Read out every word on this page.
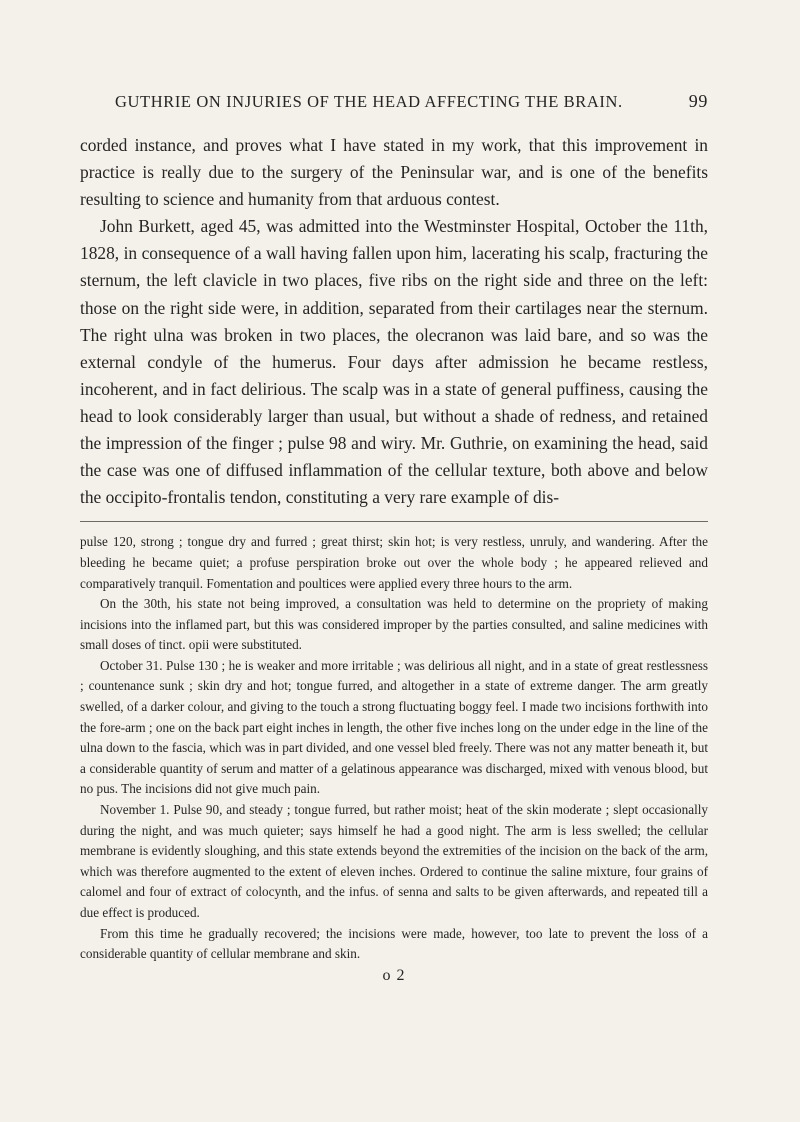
GUTHRIE ON INJURIES OF THE HEAD AFFECTING THE BRAIN.	99

corded instance, and proves what I have stated in my work, that this improvement in practice is really due to the surgery of the Peninsular war, and is one of the benefits resulting to science and humanity from that arduous contest.

John Burkett, aged 45, was admitted into the Westminster Hospital, October the 11th, 1828, in consequence of a wall having fallen upon him, lacerating his scalp, fracturing the sternum, the left clavicle in two places, five ribs on the right side and three on the left: those on the right side were, in addition, separated from their cartilages near the sternum. The right ulna was broken in two places, the olecranon was laid bare, and so was the external condyle of the humerus. Four days after admission he became restless, incoherent, and in fact delirious. The scalp was in a state of general puffiness, causing the head to look considerably larger than usual, but without a shade of redness, and retained the impression of the finger ; pulse 98 and wiry. Mr. Guthrie, on examining the head, said the case was one of diffused inflammation of the cellular texture, both above and below the occipito-frontalis tendon, constituting a very rare example of dis-

pulse 120, strong ; tongue dry and furred ; great thirst; skin hot; is very restless, unruly, and wandering. After the bleeding he became quiet; a profuse perspiration broke out over the whole body ; he appeared relieved and comparatively tranquil. Fomentation and poultices were applied every three hours to the arm.

On the 30th, his state not being improved, a consultation was held to determine on the propriety of making incisions into the inflamed part, but this was considered improper by the parties consulted, and saline medicines with small doses of tinct. opii were substituted.

October 31. Pulse 130 ; he is weaker and more irritable ; was delirious all night, and in a state of great restlessness ; countenance sunk ; skin dry and hot; tongue furred, and altogether in a state of extreme danger. The arm greatly swelled, of a darker colour, and giving to the touch a strong fluctuating boggy feel. I made two incisions forthwith into the fore-arm ; one on the back part eight inches in length, the other five inches long on the under edge in the line of the ulna down to the fascia, which was in part divided, and one vessel bled freely. There was not any matter beneath it, but a considerable quantity of serum and matter of a gelatinous appearance was discharged, mixed with venous blood, but no pus. The incisions did not give much pain.

November 1. Pulse 90, and steady ; tongue furred, but rather moist; heat of the skin moderate ; slept occasionally during the night, and was much quieter; says himself he had a good night. The arm is less swelled; the cellular membrane is evidently sloughing, and this state extends beyond the extremities of the incision on the back of the arm, which was therefore augmented to the extent of eleven inches. Ordered to continue the saline mixture, four grains of calomel and four of extract of colocynth, and the infus. of senna and salts to be given afterwards, and repeated till a due effect is produced.

From this time he gradually recovered; the incisions were made, however, too late to prevent the loss of a considerable quantity of cellular membrane and skin.

o 2
